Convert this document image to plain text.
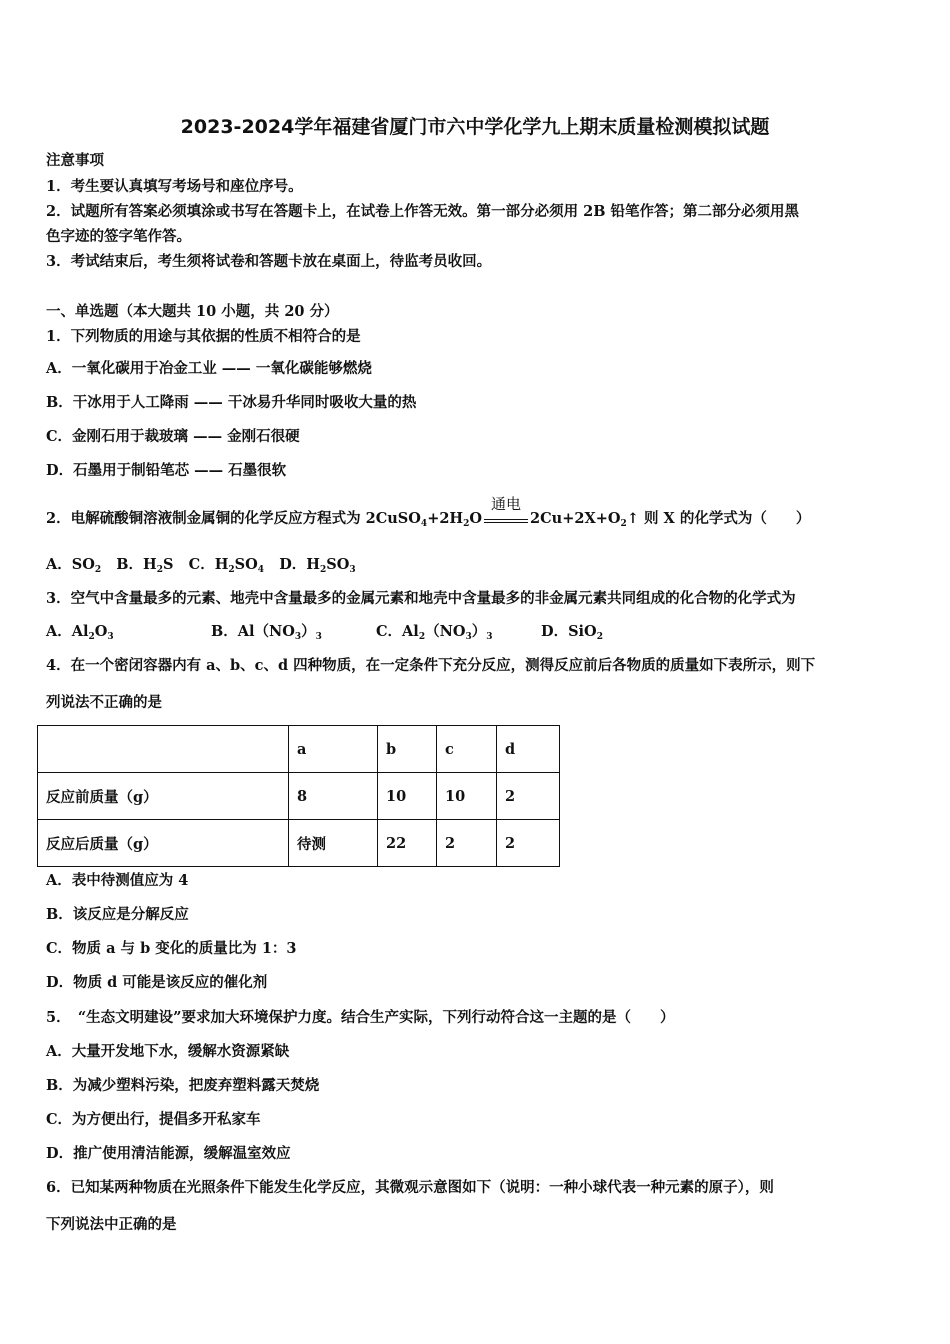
2023-2024学年福建省厦门市六中学化学九上期末质量检测模拟试题
注意事项
1．考生要认真填写考场号和座位序号。
2．试题所有答案必须填涂或书写在答题卡上，在试卷上作答无效。第一部分必须用 2B 铅笔作答；第二部分必须用黑
色字迹的签字笔作答。
3．考试结束后，考生须将试卷和答题卡放在桌面上，待监考员收回。
一、单选题（本大题共 10 小题，共 20 分）
1．下列物质的用途与其依据的性质不相符合的是
A．一氧化碳用于冶金工业 —— 一氧化碳能够燃烧
B．干冰用于人工降雨 —— 干冰易升华同时吸收大量的热
C．金刚石用于裁玻璃 —— 金刚石很硬
D．石墨用于制铅笔芯 —— 石墨很软
2．电解硫酸铜溶液制金属铜的化学反应方程式为 $2CuSO_4+2H_2O$
通电
$2Cu+2X+O_2↑$ 则 X 的化学式为（　　）
A．$SO_2$ B．$H_2S$ C．$H_2SO_4$ D．$H_2SO_3$
3．空气中含量最多的元素、地壳中含量最多的金属元素和地壳中含量最多的非金属元素共同组成的化合物的化学式为
A．$Al_2O_3$	B．$Al(NO_3)_3$	C．$Al_2(NO_3)_3$	D．SiO$_2$
4．在一个密闭容器内有 a、b、c、d 四种物质，在一定条件下充分反应，测得反应前后各物质的质量如下表所示，则下
列说法不正确的是
	a	b	c	d
反应前质量（g）	8	10	10	2
反应后质量（g）	待测	22	2	2
A．表中待测值应为 4
B．该反应是分解反应
C．物质 a 与 b 变化的质量比为 1：3
D．物质 d 可能是该反应的催化剂
5．　“生态文明建设”要求加大环境保护力度。结合生产实际，下列行动符合这一主题的是（　　）
A．大量开发地下水，缓解水资源紧缺
B．为减少塑料污染，把废弃塑料露天焚烧
C．为方便出行，提倡多开私家车
D．推广使用清洁能源，缓解温室效应
6．已知某两种物质在光照条件下能发生化学反应，其微观示意图如下（说明：一种小球代表一种元素的原子），则
下列说法中正确的是
